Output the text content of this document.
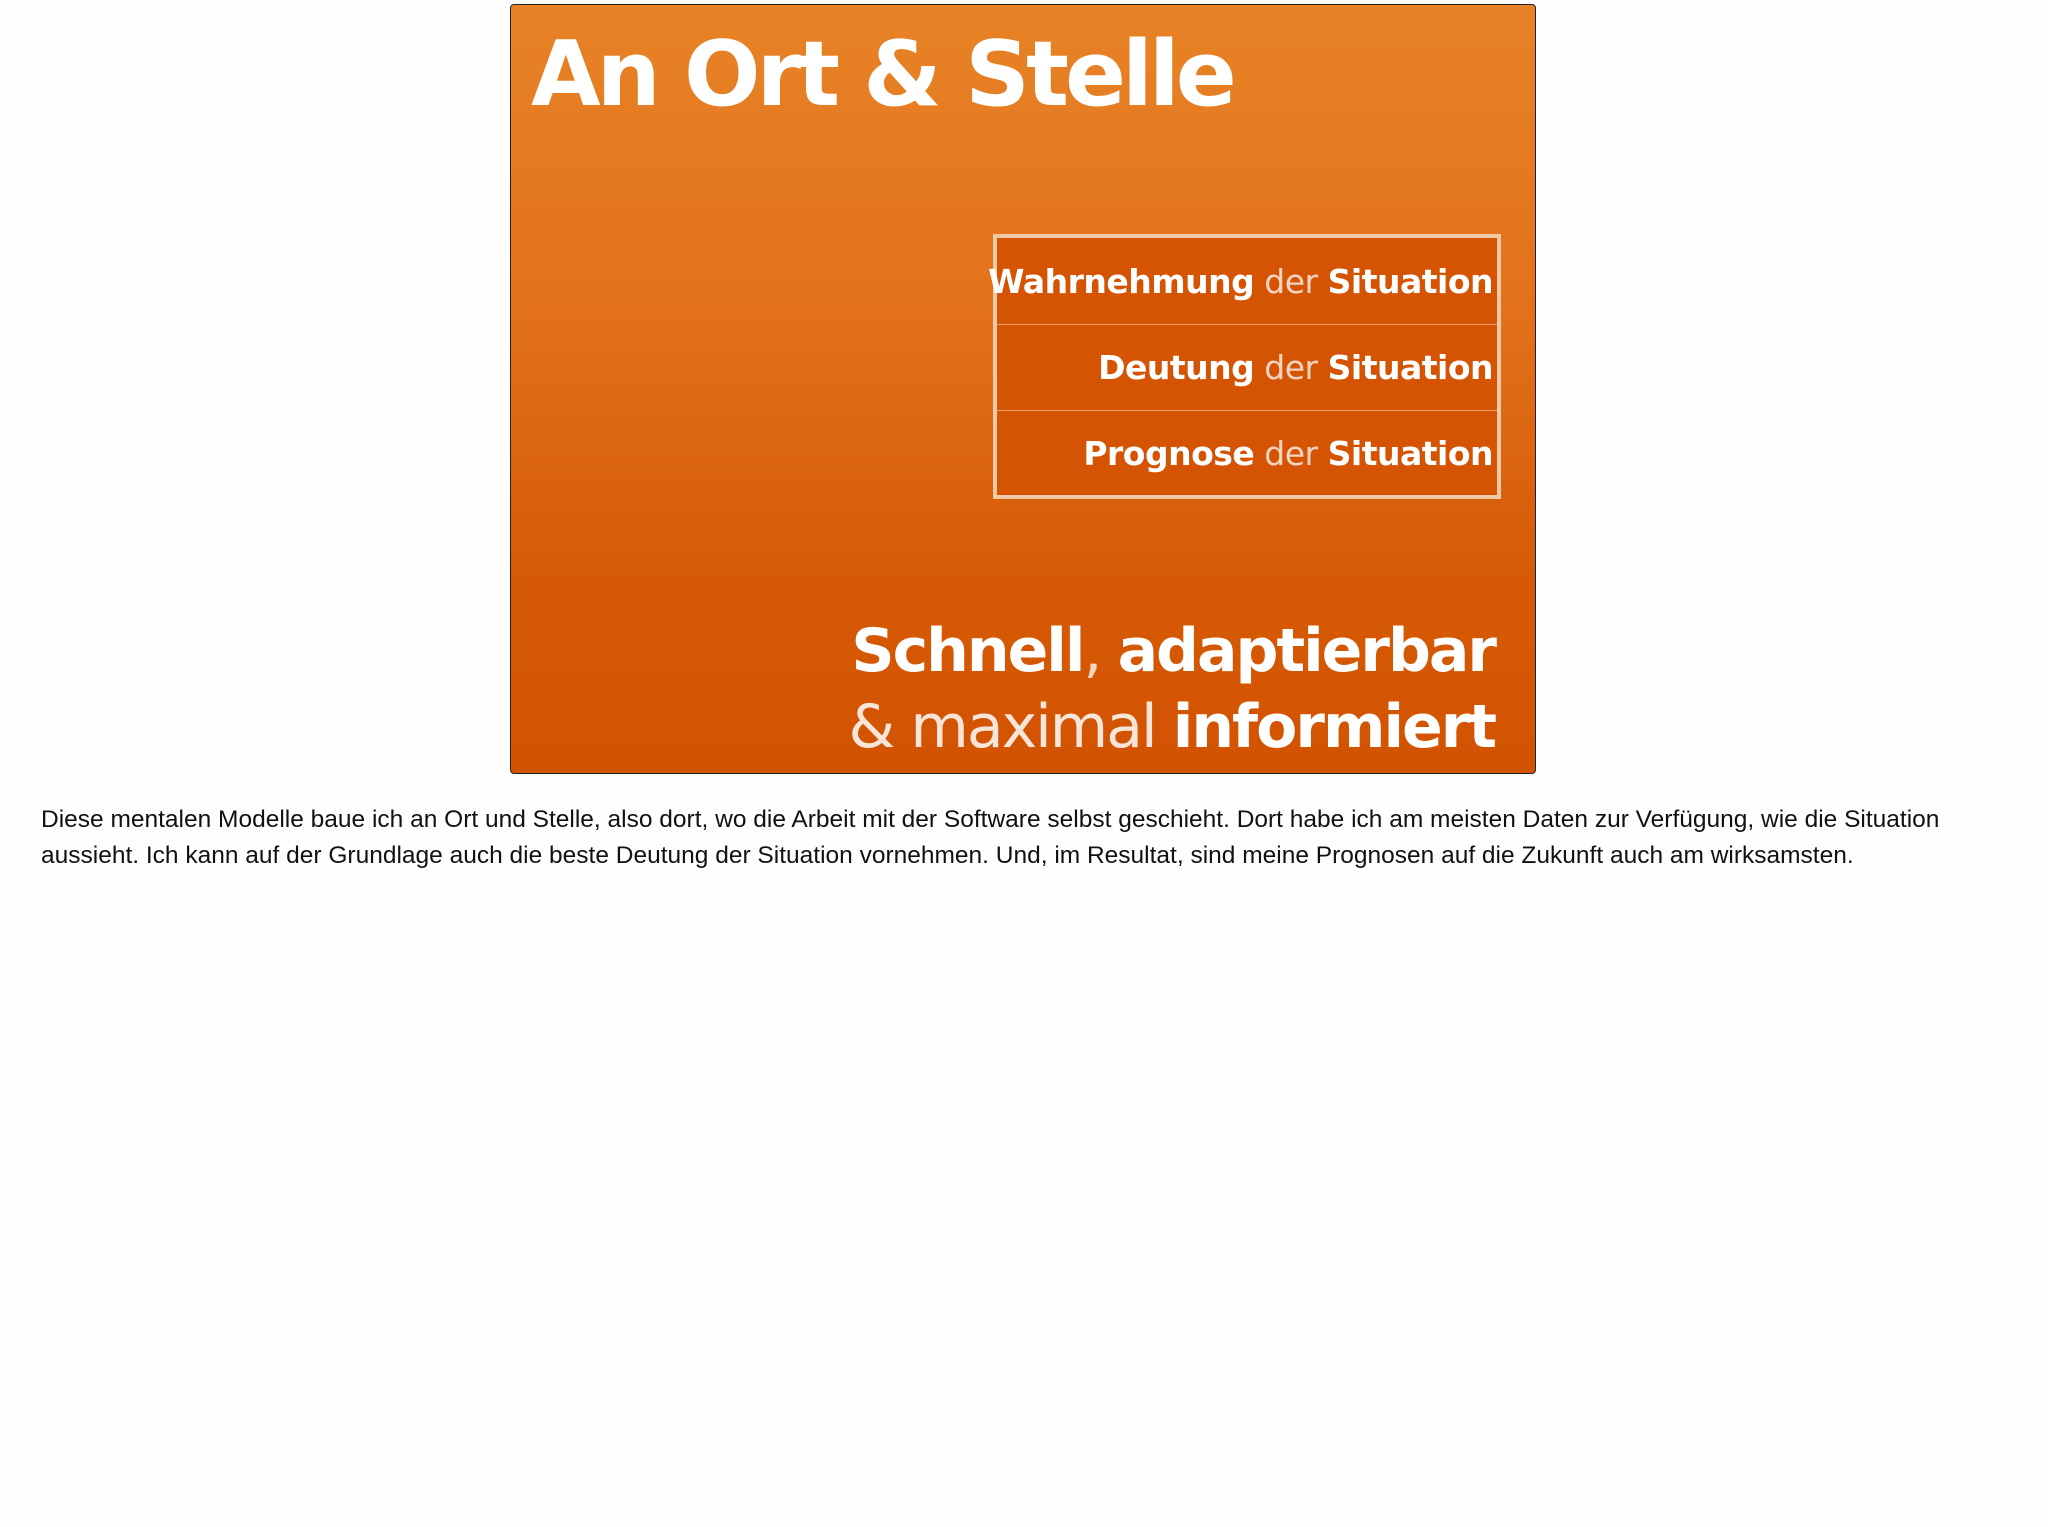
An Ort & Stelle
Wahrnehmung
der
Situation
Deutung
der
Situation
Prognose
der
Situation
Schnell, adaptierbar
& maximal informiert

Diese mentalen Modelle baue ich an Ort und Stelle, also dort, wo die Arbeit mit der Software selbst geschieht. Dort habe ich am meisten Daten zur Verfügung, wie die Situation aussieht. Ich kann auf der Grundlage auch die beste Deutung der Situation vornehmen. Und, im Resultat, sind meine Prognosen auf die Zukunft auch am wirksamsten.
